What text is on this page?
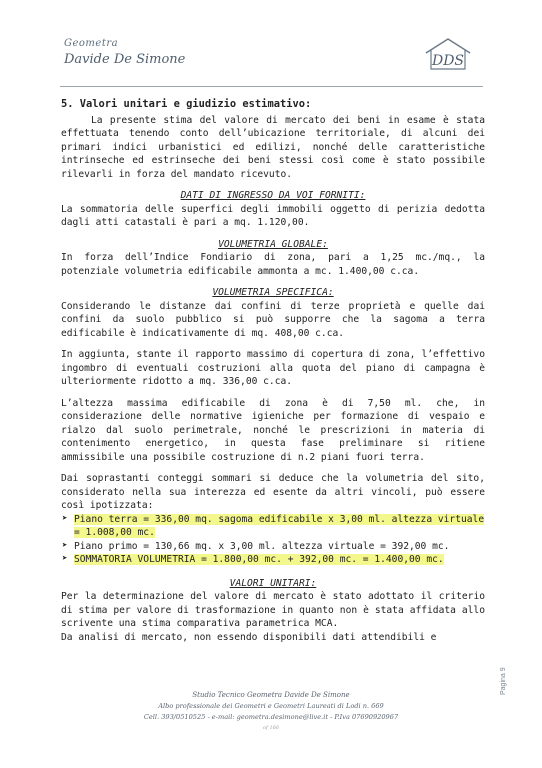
Geometra
Davide De Simone	DDS

5. Valori unitari e giudizio estimativo:

La presente stima del valore di mercato dei beni in esame è stata effettuata tenendo conto dell’ubicazione territoriale, di alcuni dei primari indici urbanistici ed edilizi, nonché delle caratteristiche intrinseche ed estrinseche dei beni stessi così come è stato possibile rilevarli in forza del mandato ricevuto.

DATI DI INGRESSO DA VOI FORNITI:

La sommatoria delle superfici degli immobili oggetto di perizia dedotta dagli atti catastali è pari a mq. 1.120,00.

VOLUMETRIA GLOBALE:

In forza dell’Indice Fondiario di zona, pari a 1,25 mc./mq., la potenziale volumetria edificabile ammonta a mc. 1.400,00 c.ca.

VOLUMETRIA SPECIFICA:

Considerando le distanze dai confini di terze proprietà e quelle dai confini da suolo pubblico si può supporre che la sagoma a terra edificabile è indicativamente di mq. 408,00 c.ca.

In aggiunta, stante il rapporto massimo di copertura di zona, l’effettivo ingombro di eventuali costruzioni alla quota del piano di campagna è ulteriormente ridotto a mq. 336,00 c.ca.

L’altezza massima edificabile di zona è di 7,50 ml. che, in considerazione delle normative igieniche per formazione di vespaio e rialzo dal suolo perimetrale, nonché le prescrizioni in materia di contenimento energetico, in questa fase preliminare si ritiene ammissibile una possibile costruzione di n.2 piani fuori terra.

Dai soprastanti conteggi sommari si deduce che la volumetria del sito, considerato nella sua interezza ed esente da altri vincoli, può essere così ipotizzata:

➤ Piano terra = 336,00 mq. sagoma edificabile x 3,00 ml. altezza virtuale = 1.008,00 mc.
➤ Piano primo = 130,66 mq. x 3,00 ml. altezza virtuale = 392,00 mc.
➤ SOMMATORIA VOLUMETRIA = 1.800,00 mc. + 392,00 mc. = 1.400,00 mc.

VALORI UNITARI:

Per la determinazione del valore di mercato è stato adottato il criterio di stima per valore di trasformazione in quanto non è stata affidata allo scrivente una stima comparativa parametrica MCA.

Da analisi di mercato, non essendo disponibili dati attendibili e

Studio Tecnico Geometra Davide De Simone
Albo professionale dei Geometri e Geometri Laureati di Lodi n. 669
Cell. 393/0510525 - e-mail: geometra.desimone@live.it - P.Iva 07690920967
of 166
Pagina 9
